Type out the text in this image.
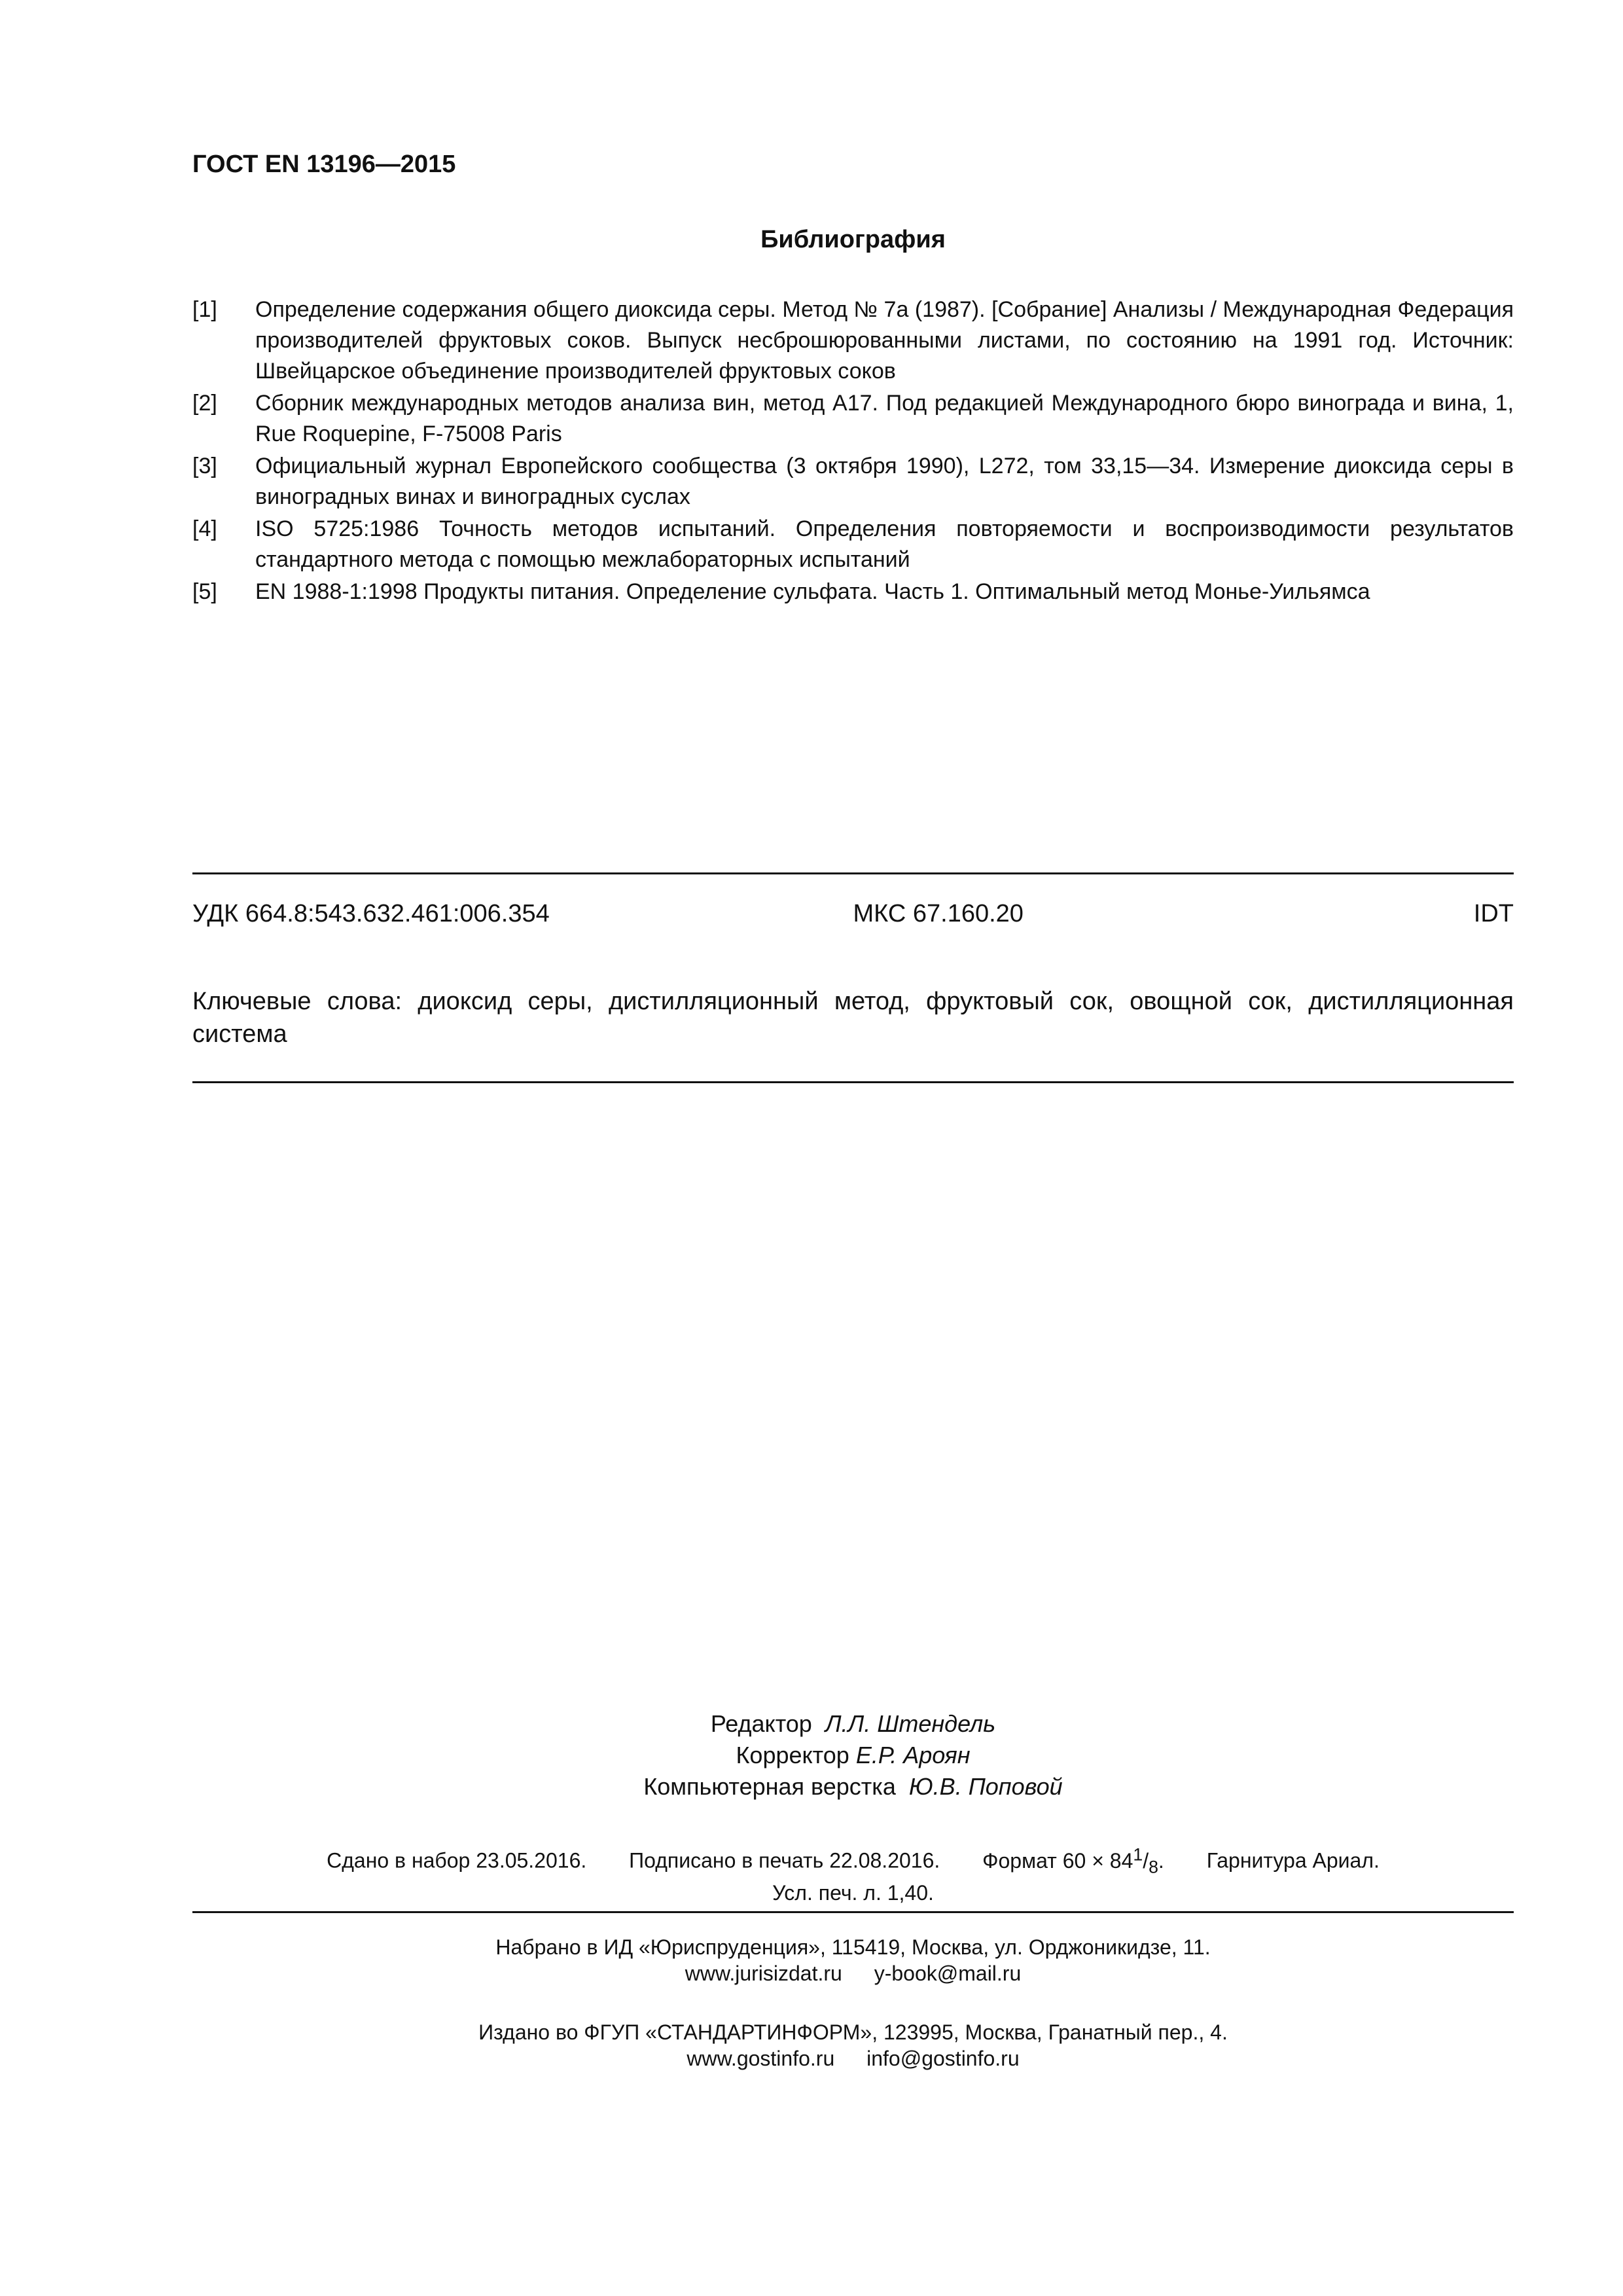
ГОСТ EN 13196—2015
Библиография
[1]	Определение содержания общего диоксида серы. Метод № 7а (1987). [Собрание] Анализы / Международная Федерация производителей фруктовых соков. Выпуск несброшюрованными листами, по состоянию на 1991 год. Источник: Швейцарское объединение производителей фруктовых соков
[2]	Сборник международных методов анализа вин, метод А17. Под редакцией Международного бюро винограда и вина, 1, Rue Roquepine, F-75008 Paris
[3]	Официальный журнал Европейского сообщества (3 октября 1990), L272, том 33,15—34. Измерение диоксида серы в виноградных винах и виноградных суслах
[4]	ISO 5725:1986 Точность методов испытаний. Определения повторяемости и воспроизводимости результатов стандартного метода с помощью межлабораторных испытаний
[5]	EN 1988-1:1998 Продукты питания. Определение сульфата. Часть 1. Оптимальный метод Монье-Уильямса
УДК 664.8:543.632.461:006.354	МКС 67.160.20	IDT
Ключевые слова: диоксид серы, дистилляционный метод, фруктовый сок, овощной сок, дистилляционная система
Редактор Л.Л. Штендель
Корректор Е.Р. Ароян
Компьютерная верстка Ю.В. Поповой
Сдано в набор 23.05.2016. Подписано в печать 22.08.2016. Формат $60 \times 84^1/_8$. Гарнитура Ариал.
Усл. печ. л. 1,40.
Набрано в ИД «Юриспруденция», 115419, Москва, ул. Орджоникидзе, 11.
www.jurisizdat.ru y-book@mail.ru
Издано во ФГУП «СТАНДАРТИНФОРМ», 123995, Москва, Гранатный пер., 4.
www.gostinfo.ru info@gostinfo.ru
